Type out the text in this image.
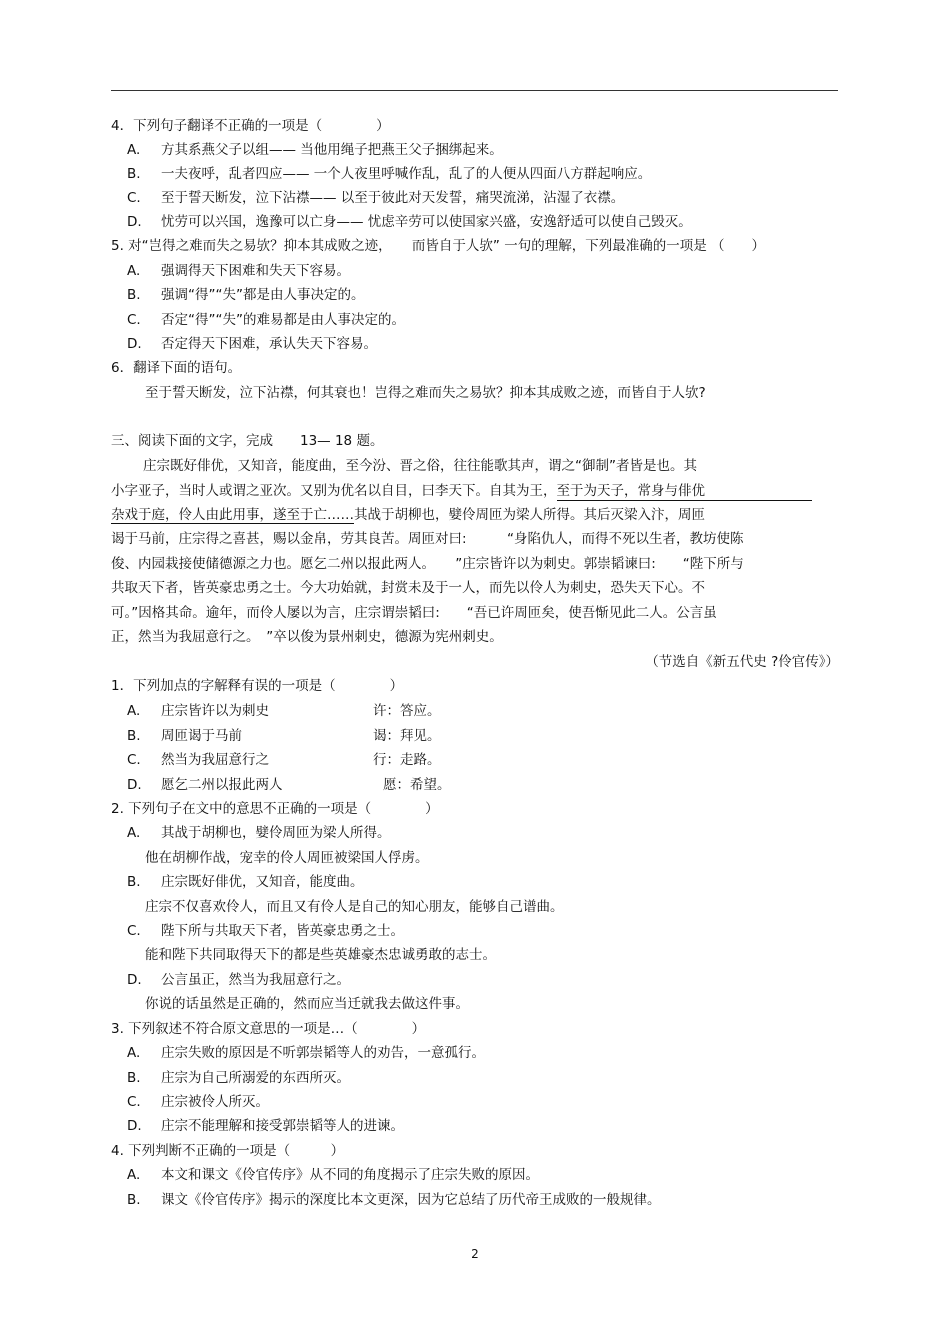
4．下列句子翻译不正确的一项是（　　　　）
A. 方其系燕父子以组—— 当他用绳子把燕王父子捆绑起来。
B. 一夫夜呼，乱者四应—— 一个人夜里呼喊作乱，乱了的人便从四面八方群起响应。
C. 至于誓天断发，泣下沾襟—— 以至于彼此对天发誓，痛哭流涕，沾湿了衣襟。
D. 忧劳可以兴国，逸豫可以亡身—— 忧虑辛劳可以使国家兴盛，安逸舒适可以使自己毁灭。
5. 对“岂得之难而失之易欤？抑本其成败之迹，　　而皆自于人欤” 一句的理解，下列最准确的一项是 （　　）
A. 强调得天下困难和失天下容易。
B. 强调“得”“失”都是由人事决定的。
C. 否定“得”“失”的难易都是由人事决定的。
D. 否定得天下困难，承认失天下容易。
6．翻译下面的语句。
至于誓天断发，泣下沾襟，何其衰也！岂得之难而失之易欤？抑本其成败之迹，而皆自于人欤?
三、阅读下面的文字，完成　　13— 18 题。
庄宗既好俳优，又知音，能度曲，至今汾、晋之俗，往往能歌其声，谓之“御制”者皆是也。其
小字亚子，当时人或谓之亚次。又别为优名以自目，曰李天下。自其为王，至于为天子，常身与俳优
杂戏于庭，伶人由此用事，遂至于亡……其战于胡柳也，嬖伶周匝为梁人所得。其后灭梁入汴，周匝
谒于马前，庄宗得之喜甚，赐以金帛，劳其良苦。周匝对曰:　　　“身陷仇人，而得不死以生者，教坊使陈
俊、内园栽接使储德源之力也。愿乞二州以报此两人。　　”庄宗皆许以为刺史。郭崇韬谏曰:　　“陛下所与
共取天下者，皆英豪忠勇之士。今大功始就，封赏未及于一人，而先以伶人为刺史，恐失天下心。不
可。”因格其命。逾年，而伶人屡以为言，庄宗谓崇韬曰:　　“吾已许周匝矣，使吾惭见此二人。公言虽
正，然当为我屈意行之。　”卒以俊为景州刺史，德源为宪州刺史。
（节选自《新五代史 ?伶官传》）
1．下列加点的字解释有误的一项是（　　　　）
A. 庄宗皆许以为刺史	许：答应。
B. 周匝谒于马前	谒：拜见。
C. 然当为我屈意行之	行：走路。
D. 愿乞二州以报此两人	愿：希望。
2. 下列句子在文中的意思不正确的一项是（　　　　）
A. 其战于胡柳也，嬖伶周匝为梁人所得。
他在胡柳作战，宠幸的伶人周匝被梁国人俘虏。
B. 庄宗既好俳优，又知音，能度曲。
庄宗不仅喜欢伶人，而且又有伶人是自己的知心朋友，能够自己谱曲。
C. 陛下所与共取天下者，皆英豪忠勇之士。
能和陛下共同取得天下的都是些英雄豪杰忠诚勇敢的志士。
D. 公言虽正，然当为我屈意行之。
你说的话虽然是正确的，然而应当迁就我去做这件事。
3. 下列叙述不符合原文意思的一项是…（　　　　）
A. 庄宗失败的原因是不听郭崇韬等人的劝告，一意孤行。
B. 庄宗为自己所溺爱的东西所灭。
C. 庄宗被伶人所灭。
D. 庄宗不能理解和接受郭崇韬等人的进谏。
4. 下列判断不正确的一项是（　　　）
A. 本文和课文《伶官传序》从不同的角度揭示了庄宗失败的原因。
B. 课文《伶官传序》揭示的深度比本文更深，因为它总结了历代帝王成败的一般规律。
2
